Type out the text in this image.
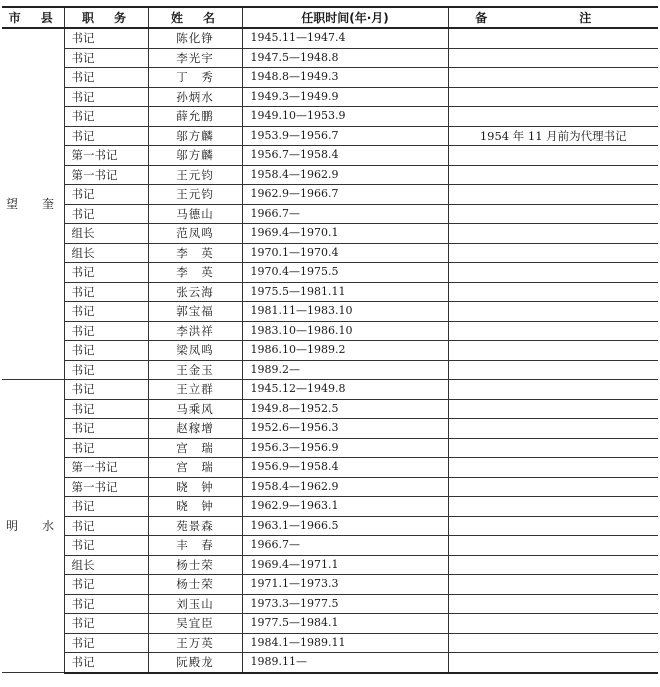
市　县	职　务	姓　名	任职时间(年·月)	备　注
望　奎	书记	陈化铮	1945.11—1947.4	
	书记	李光宇	1947.5—1948.8	
	书记	丁　秀	1948.8—1949.3	
	书记	孙炳水	1949.3—1949.9	
	书记	薛允鹏	1949.10—1953.9	
	书记	邬方麟	1953.9—1956.7	1954 年 11 月前为代理书记
	第一书记	邬方麟	1956.7—1958.4	
	第一书记	王元钧	1958.4—1962.9	
	书记	王元钧	1962.9—1966.7	
	书记	马德山	1966.7—	
	组长	范凤鸣	1969.4—1970.1	
	组长	李　英	1970.1—1970.4	
	书记	李　英	1970.4—1975.5	
	书记	张云海	1975.5—1981.11	
	书记	郭宝福	1981.11—1983.10	
	书记	李洪祥	1983.10—1986.10	
	书记	梁凤鸣	1986.10—1989.2	
	书记	王金玉	1989.2—	
明　水	书记	王立群	1945.12—1949.8	
	书记	马乘风	1949.8—1952.5	
	书记	赵稼增	1952.6—1956.3	
	书记	宫　瑞	1956.3—1956.9	
	第一书记	宫　瑞	1956.9—1958.4	
	第一书记	晓　钟	1958.4—1962.9	
	书记	晓　钟	1962.9—1963.1	
	书记	苑景森	1963.1—1966.5	
	书记	丰　春	1966.7—	
	组长	杨士荣	1969.4—1971.1	
	书记	杨士荣	1971.1—1973.3	
	书记	刘玉山	1973.3—1977.5	
	书记	吴宜臣	1977.5—1984.1	
	书记	王万英	1984.1—1989.11	
	书记	阮殿龙	1989.11—	
